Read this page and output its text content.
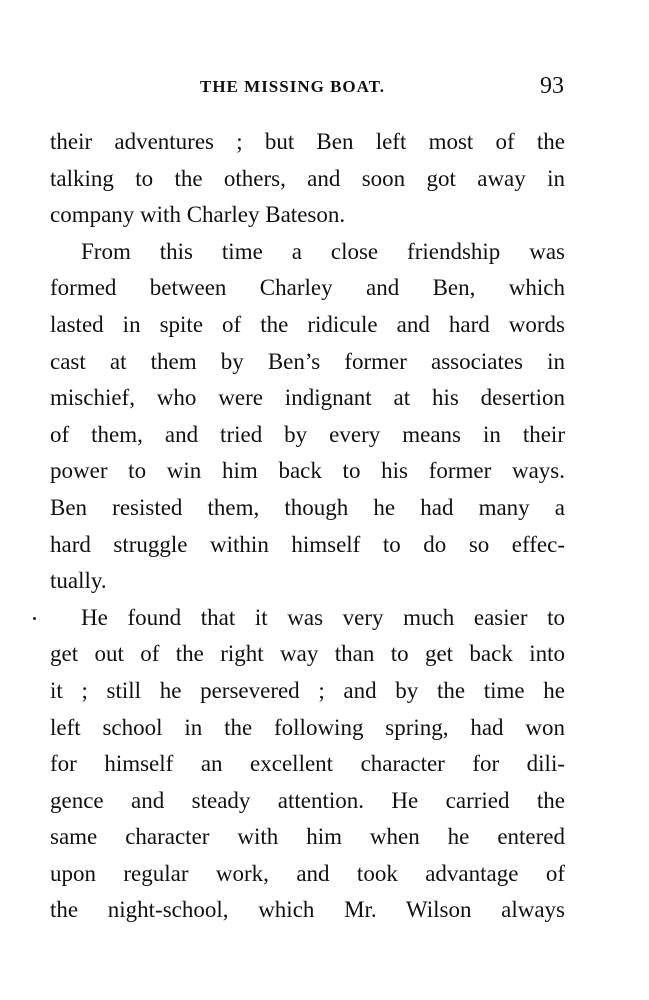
THE MISSING BOAT.	93
their adventures ; but Ben left most of the
talking to the others, and soon got away in
company with Charley Bateson.
From this time a close friendship was
formed between Charley and Ben, which
lasted in spite of the ridicule and hard words
cast at them by Ben’s former associates in
mischief, who were indignant at his desertion
of them, and tried by every means in their
power to win him back to his former ways.
Ben resisted them, though he had many a
hard struggle within himself to do so effec-
tually.
He found that it was very much easier to
get out of the right way than to get back into
it ; still he persevered ; and by the time he
left school in the following spring, had won
for himself an excellent character for dili-
gence and steady attention. He carried the
same character with him when he entered
upon regular work, and took advantage of
the night-school, which Mr. Wilson always
